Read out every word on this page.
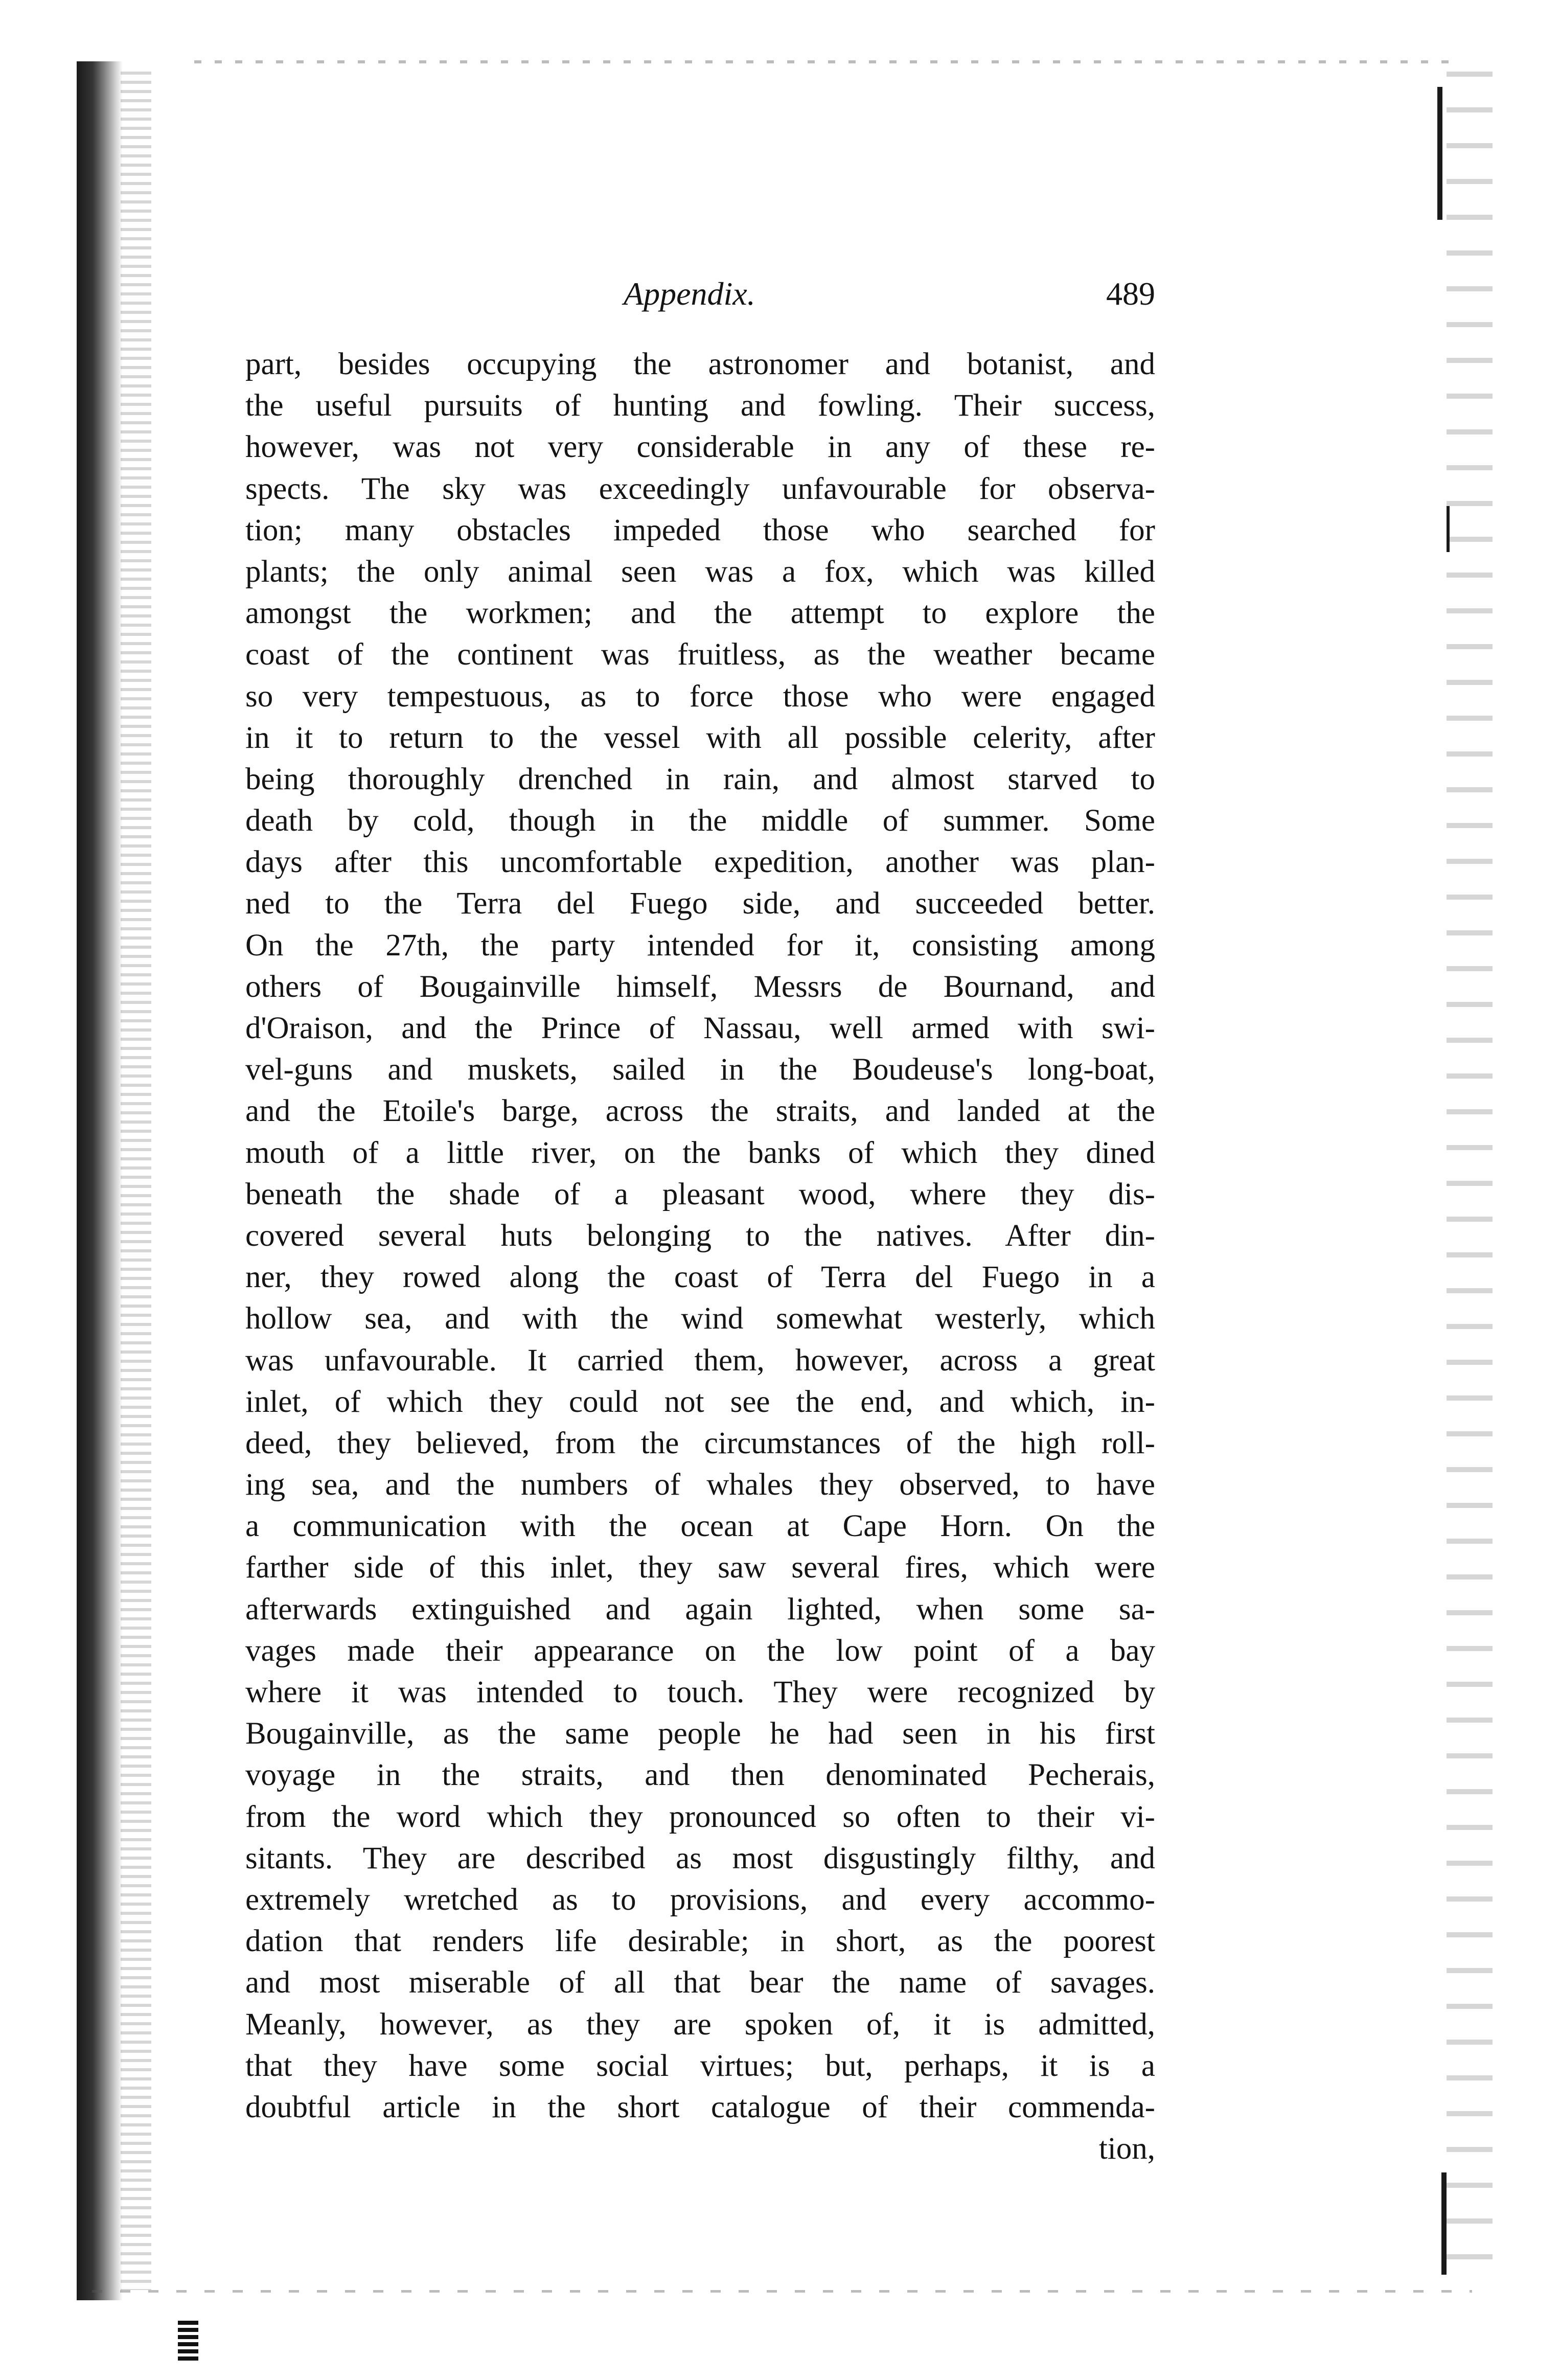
Appendix.	489
part, besides occupying the astronomer and botanist, and
the useful pursuits of hunting and fowling. Their success,
however, was not very considerable in any of these re-
spects. The sky was exceedingly unfavourable for observa-
tion; many obstacles impeded those who searched for
plants; the only animal seen was a fox, which was killed
amongst the workmen; and the attempt to explore the
coast of the continent was fruitless, as the weather became
so very tempestuous, as to force those who were engaged
in it to return to the vessel with all possible celerity, after
being thoroughly drenched in rain, and almost starved to
death by cold, though in the middle of summer. Some
days after this uncomfortable expedition, another was plan-
ned to the Terra del Fuego side, and succeeded better.
On the 27th, the party intended for it, consisting among
others of Bougainville himself, Messrs de Bournand, and
d'Oraison, and the Prince of Nassau, well armed with swi-
vel-guns and muskets, sailed in the Boudeuse's long-boat,
and the Etoile's barge, across the straits, and landed at the
mouth of a little river, on the banks of which they dined
beneath the shade of a pleasant wood, where they dis-
covered several huts belonging to the natives. After din-
ner, they rowed along the coast of Terra del Fuego in a
hollow sea, and with the wind somewhat westerly, which
was unfavourable. It carried them, however, across a great
inlet, of which they could not see the end, and which, in-
deed, they believed, from the circumstances of the high roll-
ing sea, and the numbers of whales they observed, to have
a communication with the ocean at Cape Horn. On the
farther side of this inlet, they saw several fires, which were
afterwards extinguished and again lighted, when some sa-
vages made their appearance on the low point of a bay
where it was intended to touch. They were recognized by
Bougainville, as the same people he had seen in his first
voyage in the straits, and then denominated Pecherais,
from the word which they pronounced so often to their vi-
sitants. They are described as most disgustingly filthy, and
extremely wretched as to provisions, and every accommo-
dation that renders life desirable; in short, as the poorest
and most miserable of all that bear the name of savages.
Meanly, however, as they are spoken of, it is admitted,
that they have some social virtues; but, perhaps, it is a
doubtful article in the short catalogue of their commenda-
tion,
